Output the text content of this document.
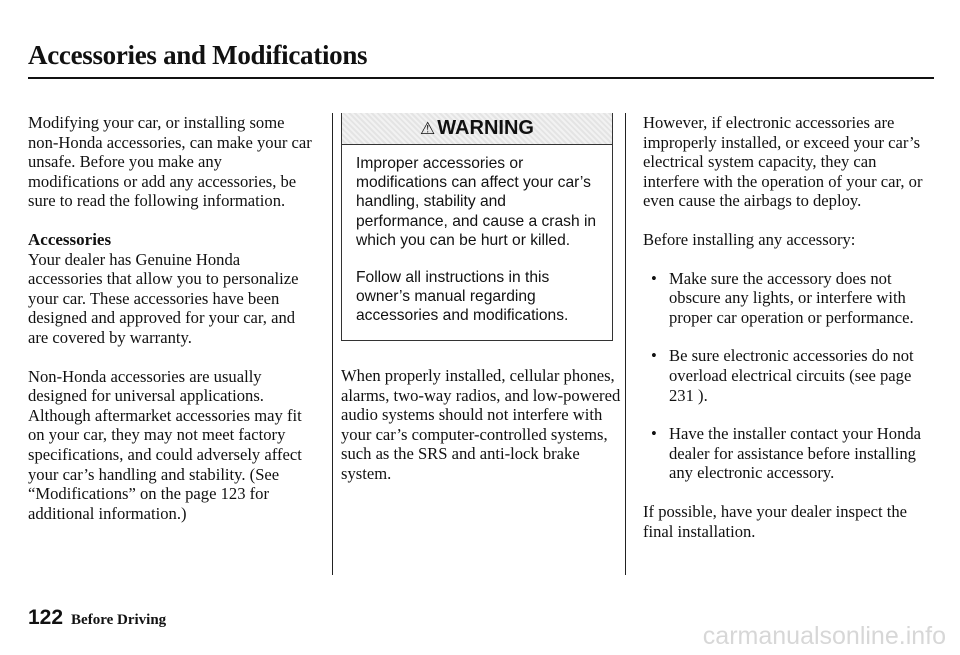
Accessories and Modifications

Modifying your car, or installing some non-Honda accessories, can make your car unsafe. Before you make any modifications or add any accessories, be sure to read the following information.

Accessories

Your dealer has Genuine Honda accessories that allow you to personalize your car. These accessories have been designed and approved for your car, and are covered by warranty.

Non-Honda accessories are usually designed for universal applications. Although aftermarket accessories may fit on your car, they may not meet factory specifications, and could adversely affect your car’s handling and stability. (See “Modifications” on the page 123 for additional information.)

⚠ WARNING

Improper accessories or modifications can affect your car’s handling, stability and performance, and cause a crash in which you can be hurt or killed.

Follow all instructions in this owner’s manual regarding accessories and modifications.

When properly installed, cellular phones, alarms, two-way radios, and low-powered audio systems should not interfere with your car’s computer-controlled systems, such as the SRS and anti-lock brake system.

However, if electronic accessories are improperly installed, or exceed your car’s electrical system capacity, they can interfere with the operation of your car, or even cause the airbags to deploy.

Before installing any accessory:

• Make sure the accessory does not obscure any lights, or interfere with proper car operation or performance.
• Be sure electronic accessories do not overload electrical circuits (see page 231 ).
• Have the installer contact your Honda dealer for assistance before installing any electronic accessory.

If possible, have your dealer inspect the final installation.

122 Before Driving
carmanualsonline.info
